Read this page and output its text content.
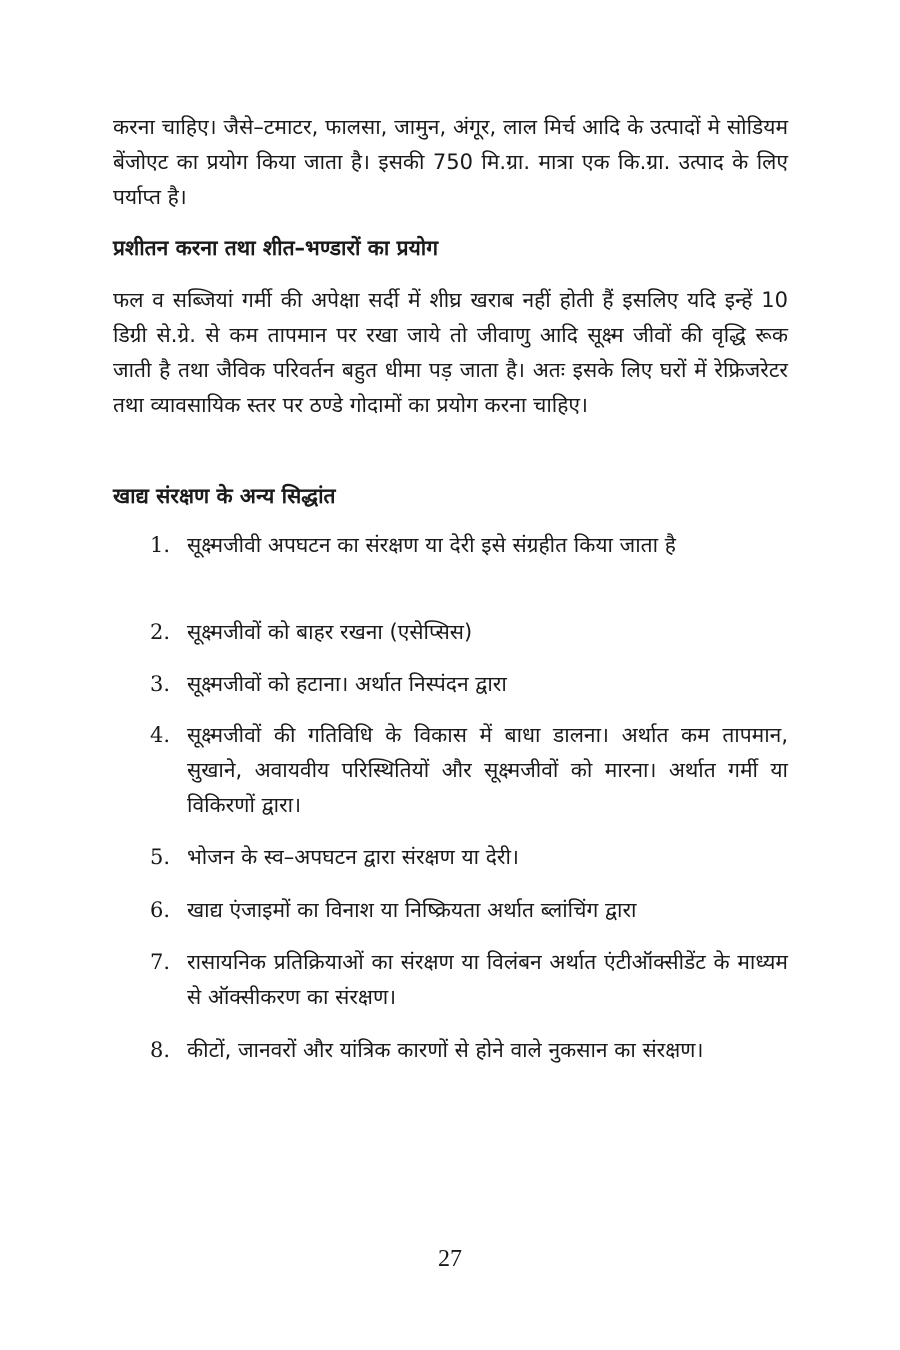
करना चाहिए। जैसे–टमाटर, फालसा, जामुन, अंगूर, लाल मिर्च आदि के उत्पादों मे सोडियम बेंजोएट का प्रयोग किया जाता है। इसकी 750 मि.ग्रा. मात्रा एक कि.ग्रा. उत्पाद के लिए पर्याप्त है।

प्रशीतन करना तथा शीत–भण्डारों का प्रयोग

फल व सब्जियां गर्मी की अपेक्षा सर्दी में शीघ्र खराब नहीं होती हैं इसलिए यदि इन्हें 10 डिग्री से.ग्रे. से कम तापमान पर रखा जाये तो जीवाणु आदि सूक्ष्म जीवों की वृद्धि रूक जाती है तथा जैविक परिवर्तन बहुत धीमा पड़ जाता है। अतः इसके लिए घरों में रेफ्रिजरेटर तथा व्यावसायिक स्तर पर ठण्डे गोदामों का प्रयोग करना चाहिए।

खाद्य संरक्षण के अन्य सिद्धांत
1. सूक्ष्मजीवी अपघटन का संरक्षण या देरी इसे संग्रहीत किया जाता है
2. सूक्ष्मजीवों को बाहर रखना (एसेप्सिस)
3. सूक्ष्मजीवों को हटाना। अर्थात निस्पंदन द्वारा
4. सूक्ष्मजीवों की गतिविधि के विकास में बाधा डालना। अर्थात कम तापमान, सुखाने, अवायवीय परिस्थितियों और सूक्ष्मजीवों को मारना। अर्थात गर्मी या विकिरणों द्वारा।
5. भोजन के स्व–अपघटन द्वारा संरक्षण या देरी।
6. खाद्य एंजाइमों का विनाश या निष्क्रियता अर्थात ब्लांचिंग द्वारा
7. रासायनिक प्रतिक्रियाओं का संरक्षण या विलंबन अर्थात एंटीऑक्सीडेंट के माध्यम से ऑक्सीकरण का संरक्षण।
8. कीटों, जानवरों और यांत्रिक कारणों से होने वाले नुकसान का संरक्षण।
27
